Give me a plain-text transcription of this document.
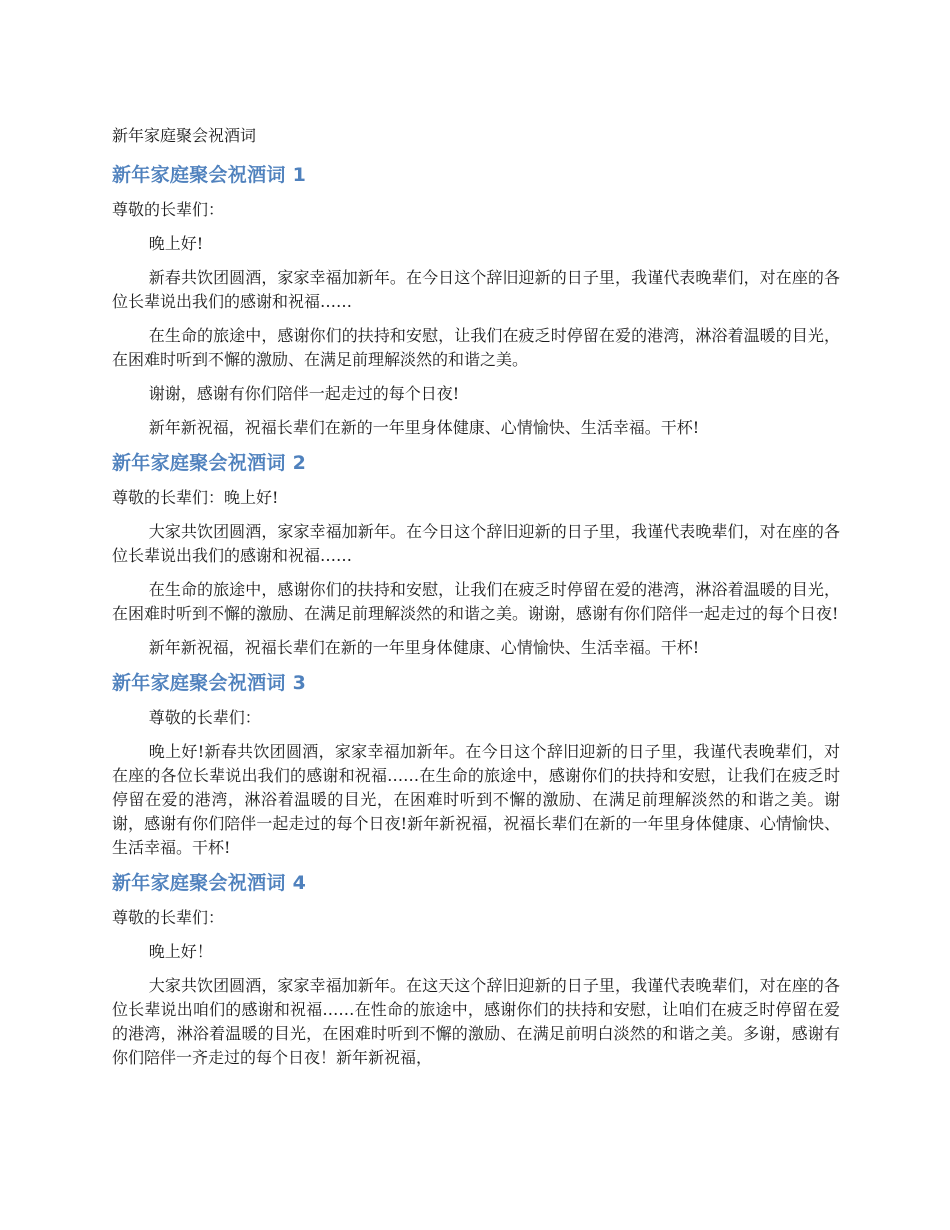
新年家庭聚会祝酒词
新年家庭聚会祝酒词 1

尊敬的长辈们：

晚上好!

新春共饮团圆酒，家家幸福加新年。在今日这个辞旧迎新的日子里，我谨代表晚辈们，对在座的各位长辈说出我们的感谢和祝福……

在生命的旅途中，感谢你们的扶持和安慰，让我们在疲乏时停留在爱的港湾，淋浴着温暖的目光，在困难时听到不懈的激励、在满足前理解淡然的和谐之美。

谢谢，感谢有你们陪伴一起走过的每个日夜!

新年新祝福，祝福长辈们在新的一年里身体健康、心情愉快、生活幸福。干杯!

新年家庭聚会祝酒词 2

尊敬的长辈们：晚上好!

大家共饮团圆酒，家家幸福加新年。在今日这个辞旧迎新的日子里，我谨代表晚辈们，对在座的各位长辈说出我们的感谢和祝福……

在生命的旅途中，感谢你们的扶持和安慰，让我们在疲乏时停留在爱的港湾，淋浴着温暖的目光，在困难时听到不懈的激励、在满足前理解淡然的和谐之美。谢谢，感谢有你们陪伴一起走过的每个日夜!

新年新祝福，祝福长辈们在新的一年里身体健康、心情愉快、生活幸福。干杯!

新年家庭聚会祝酒词 3

尊敬的长辈们：

晚上好!新春共饮团圆酒，家家幸福加新年。在今日这个辞旧迎新的日子里，我谨代表晚辈们，对在座的各位长辈说出我们的感谢和祝福……在生命的旅途中，感谢你们的扶持和安慰，让我们在疲乏时停留在爱的港湾，淋浴着温暖的目光，在困难时听到不懈的激励、在满足前理解淡然的和谐之美。谢谢，感谢有你们陪伴一起走过的每个日夜!新年新祝福，祝福长辈们在新的一年里身体健康、心情愉快、生活幸福。干杯!

新年家庭聚会祝酒词 4

尊敬的长辈们：

晚上好！

大家共饮团圆酒，家家幸福加新年。在这天这个辞旧迎新的日子里，我谨代表晚辈们，对在座的各位长辈说出咱们的感谢和祝福……在性命的旅途中，感谢你们的扶持和安慰，让咱们在疲乏时停留在爱的港湾，淋浴着温暖的目光，在困难时听到不懈的激励、在满足前明白淡然的和谐之美。多谢，感谢有你们陪伴一齐走过的每个日夜！新年新祝福，
